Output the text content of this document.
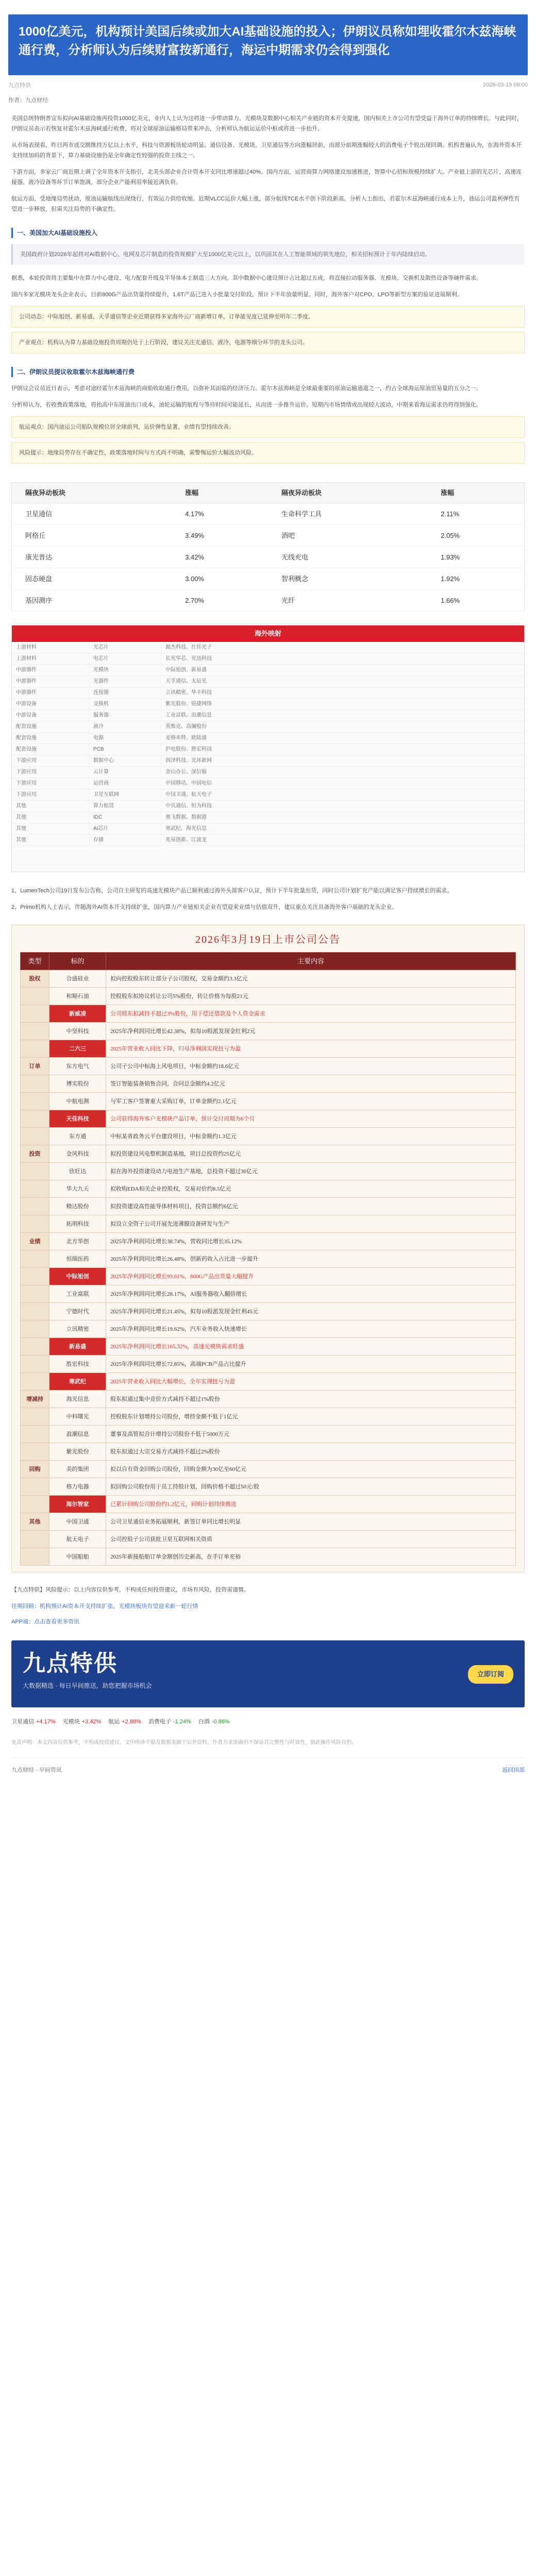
1000亿美元，机构预计美国后续或加大AI基础设施的投入；伊朗议员称如埋收霍尔木兹海峡通行费，分析师认为后续财富按新通行，海运中期需求仍会得到强化
九点特供	2026-03-19 08:00
作者：九点财经

美国总统特朗普宣布拟向AI基础设施再投资1000亿美元，业内人士认为这将进一步带动算力、光模块及数据中心相关产业链的资本开支提速，国内相关上市公司有望受益于海外订单的持续增长。与此同时，伊朗议员表示若恢复对霍尔木兹海峡通行收费，将对全球原油运输格局带来冲击，分析师认为航运运价中枢或将进一步抬升。

从市场表现看，昨日两市成交额维持万亿以上水平，科技与资源板块轮动明显。通信设备、光模块、卫星通信等方向涨幅居前，而部分前期涨幅较大的消费电子个股出现回调。机构普遍认为，在海外资本开支持续加码的背景下，算力基础设施仍是全年确定性较强的投资主线之一。

下游方面，多家云厂商近期上调了全年资本开支指引，北美头部企业合计资本开支同比增速超过40%。国内方面，运营商算力网络建设加速推进，智算中心招标规模持续扩大。产业链上游的光芯片、高速连接器、液冷设备等环节订单饱满，部分企业产能利用率接近满负荷。

航运方面，受地缘局势扰动，原油运输航线出现绕行，有效运力供给收缩。近期VLCC运价大幅上涨，部分航线TCE水平创下阶段新高。分析人士指出，若霍尔木兹海峡通行成本上升，油运公司盈利弹性有望进一步释放，但需关注局势的不确定性。

一、美国加大AI基础设施投入
美国政府计划2026年起将对AI数据中心、电网及芯片制造的投资规模扩大至1000亿美元以上，以巩固其在人工智能领域的领先地位，相关招标预计于年内陆续启动。

据悉，本轮投资将主要集中在算力中心建设、电力配套升级及半导体本土制造三大方向。其中数据中心建设预计占比超过五成，将直接拉动服务器、光模块、交换机及散热设备等硬件需求。

国内多家光模块龙头企业表示，目前800G产品出货量持续提升，1.6T产品已进入小批量交付阶段，预计下半年放量明显。同时，海外客户对CPO、LPO等新型方案的验证进展顺利。

公司动态：中际旭创、新易盛、天孚通信等企业近期获得多家海外云厂商新增订单，订单能见度已延伸至明年二季度。
产业观点：机构认为算力基础设施投资周期仍处于上行阶段，建议关注光通信、液冷、电源等细分环节的龙头公司。
二、伊朗议员提议收取霍尔木兹海峡通行费

伊朗议会议员近日表示，考虑对途经霍尔木兹海峡的商船收取通行费用，以弥补其面临的经济压力。霍尔木兹海峡是全球最重要的原油运输通道之一，约占全球海运原油贸易量的五分之一。

分析师认为，若收费政策落地，将抬高中东原油出口成本，油轮运输的航程与等待时间可能延长，从而进一步推升运价。短期内市场情绪或出现较大波动，中期来看海运需求仍将得到强化。

航运观点：国内油运公司船队规模位居全球前列，运价弹性显著，业绩有望持续改善。
风险提示：地缘局势存在不确定性，政策落地时间与方式尚不明确，需警惕运价大幅波动风险。
隔夜异动板块	涨幅	隔夜异动板块	涨幅
卫星通信	4.17%	生命科学工具	2.11%
阿格丘	3.49%	酒吧	2.05%
康光普达	3.42%	无线充电	1.93%
固态硬盘	3.00%	智利概念	1.92%
基因测序	2.70%	光纤	1.66%
海外映射
上游材料	光芯片	源杰科技、仕佳光子
上游材料	电芯片	长光华芯、光迅科技
中游器件	光模块	中际旭创、新易盛
中游器件	光器件	天孚通信、太辰光
中游器件	连接器	立讯精密、华丰科技
中游设备	交换机	紫光股份、锐捷网络
中游设备	服务器	工业富联、浪潮信息
配套设施	液冷	英维克、高澜股份
配套设施	电源	麦格米特、欧陆通
配套设施	PCB	沪电股份、胜宏科技
下游应用	数据中心	润泽科技、光环新网
下游应用	云计算	金山办公、深信服
下游应用	运营商	中国移动、中国电信
下游应用	卫星互联网	中国卫通、航天电子
其他	算力租赁	中贝通信、恒为科技
其他	IDC	奥飞数据、数据港
其他	AI芯片	寒武纪、海光信息
其他	存储	兆易创新、江波龙

1、LumenTech公司19日发布公告称，公司自主研发的高速光模块产品已顺利通过海外头部客户认证，预计下半年批量出货，同时公司计划扩充产能以满足客户持续增长的需求。

2、Primo机构人士表示，伴随海外AI资本开支持续扩张，国内算力产业链相关企业有望迎来业绩与估值双升，建议重点关注具备海外客户基础的龙头企业。

2026年3月19日上市公司公告
类型	标的	主要内容
股权	合盛硅业	拟向控股股东转让部分子公司股权，交易金额约3.3亿元
	和顺石油	控股股东拟协议转让公司5%股份，转让价格为每股21元
	新威凌	公司股东拟减持不超过3%股份，用于偿还借款及个人资金需求
	中坚科技	2025年净利润同比增长42.38%，拟每10股派发现金红利2元
	二六三	2025年营业收入同比下降，归母净利润实现扭亏为盈
订单	东方电气	公司子公司中标海上风电项目，中标金额约18.6亿元
	博实股份	签订智能装备销售合同，合同总金额约4.2亿元
	中航电测	与军工客户签署重大采购订单，订单金额约2.1亿元
	天佳科技	公司获得海外客户光模块产品订单，预计交付周期为6个月
	东方通	中标某省政务云平台建设项目，中标金额约1.3亿元
投资	金风科技	拟投资建设风电整机制造基地，项目总投资约25亿元
	欣旺达	拟在海外投资建设动力电池生产基地，总投资不超过30亿元
	华大九天	拟收购EDA相关企业控股权，交易对价约8.5亿元
	精达股份	拟投资建设高性能导体材料项目，投资总额约6亿元
	拓荆科技	拟设立全资子公司开展先进薄膜设备研发与生产
业绩	北方华创	2025年净利润同比增长38.74%，营收同比增长35.12%
	恒瑞医药	2025年净利润同比增长26.48%，创新药收入占比进一步提升
	中际旭创	2025年净利润同比增长93.61%，800G产品出货量大幅提升
	工业富联	2025年净利润同比增长28.17%，AI服务器收入翻倍增长
	宁德时代	2025年净利润同比增长21.45%，拟每10股派发现金红利45元
	立讯精密	2025年净利润同比增长19.62%，汽车业务收入快速增长
	新易盛	2025年净利润同比增长165.32%，高速光模块需求旺盛
	胜宏科技	2025年净利润同比增长72.85%，高端PCB产品占比提升
	寒武纪	2025年营业收入同比大幅增长，全年实现扭亏为盈
增减持	海光信息	股东拟通过集中竞价方式减持不超过1%股份
	中科曙光	控股股东计划增持公司股份，增持金额不低于1亿元
	浪潮信息	董事及高管拟合计增持公司股份不低于5000万元
	紫光股份	股东拟通过大宗交易方式减持不超过2%股份
回购	美的集团	拟以自有资金回购公司股份，回购金额为30亿至60亿元
	格力电器	拟回购公司股份用于员工持股计划，回购价格不超过50元/股
	海尔智家	已累计回购公司股份约1.2亿元，回购计划持续推进
其他	中国卫通	公司卫星通信业务拓展顺利，新签订单同比增长明显
	航天电子	公司控股子公司获批卫星互联网相关资质
	中国船舶	2025年新接船舶订单金额创历史新高，在手订单充裕

【九点特供】风险提示：以上内容仅供参考，不构成任何投资建议，市场有风险，投资需谨慎。

往期回顾：机构预计AI资本开支持续扩张，光模块板块有望迎来新一轮行情
APP端：点击查看更多资讯
九点特供
大数据精选 · 每日早间推送，助您把握市场机会
立即订阅
卫星通信 +4.17% 光模块 +3.42% 航运 +2.88% 消费电子 -1.24% 白酒 -0.86%
免责声明：本文内容仅供参考，不构成投资建议。文中所涉个股及数据来源于公开资料，作者力求准确但不保证其完整性与时效性，据此操作风险自担。
九点财经 · 早间资讯	返回顶部
